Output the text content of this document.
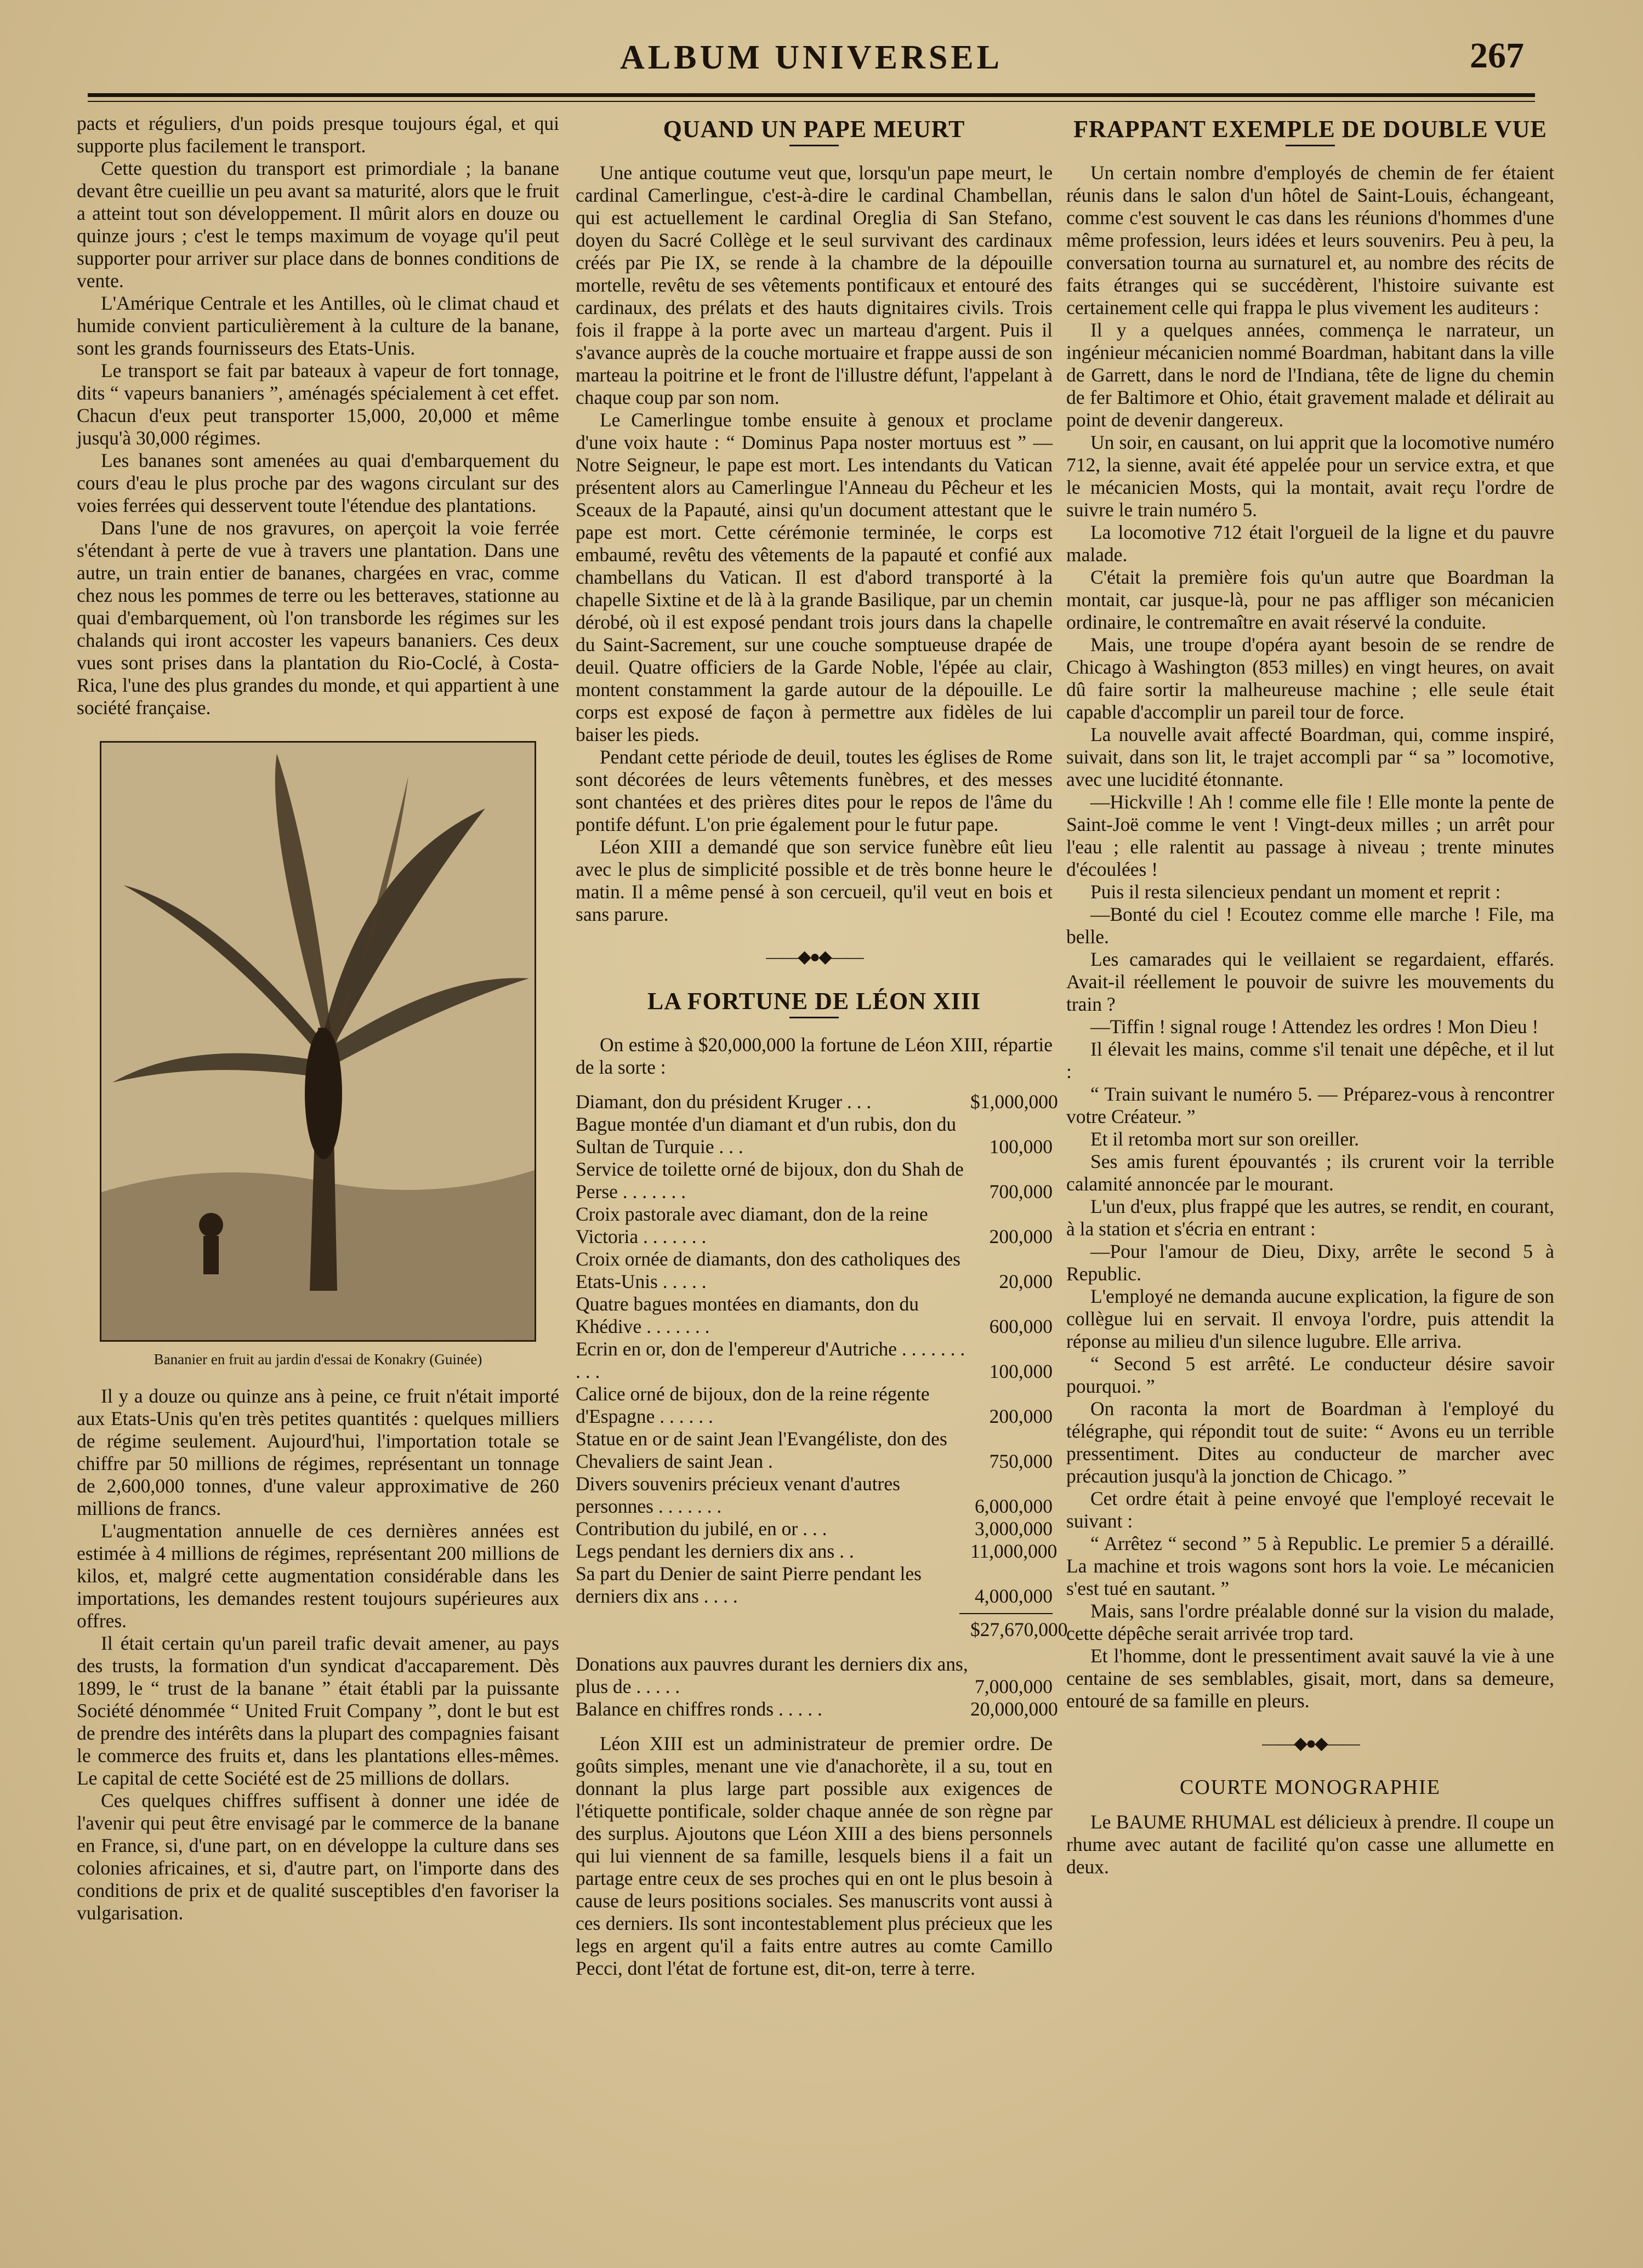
ALBUM UNIVERSEL	267

pacts et réguliers, d'un poids presque toujours égal, et qui supporte plus facilement le transport.

Cette question du transport est primordiale ; la banane devant être cueillie un peu avant sa maturité, alors que le fruit a atteint tout son développement. Il mûrit alors en douze ou quinze jours ; c'est le temps maximum de voyage qu'il peut supporter pour arriver sur place dans de bonnes conditions de vente.

L'Amérique Centrale et les Antilles, où le climat chaud et humide convient particulièrement à la culture de la banane, sont les grands fournisseurs des Etats-Unis.

Le transport se fait par bateaux à vapeur de fort tonnage, dits “ vapeurs bananiers ”, aménagés spécialement à cet effet. Chacun d'eux peut transporter 15,000, 20,000 et même jusqu'à 30,000 régimes.

Les bananes sont amenées au quai d'embarquement du cours d'eau le plus proche par des wagons circulant sur des voies ferrées qui desservent toute l'étendue des plantations.

Dans l'une de nos gravures, on aperçoit la voie ferrée s'étendant à perte de vue à travers une plantation. Dans une autre, un train entier de bananes, chargées en vrac, comme chez nous les pommes de terre ou les betteraves, stationne au quai d'embarquement, où l'on transborde les régimes sur les chalands qui iront accoster les vapeurs bananiers. Ces deux vues sont prises dans la plantation du Rio-Coclé, à Costa-Rica, l'une des plus grandes du monde, et qui appartient à une société française.

Bananier en fruit au jardin d'essai de Konakry (Guinée)

Il y a douze ou quinze ans à peine, ce fruit n'était importé aux Etats-Unis qu'en très petites quantités : quelques milliers de régime seulement. Aujourd'hui, l'importation totale se chiffre par 50 millions de régimes, représentant un tonnage de 2,600,000 tonnes, d'une valeur approximative de 260 millions de francs.

L'augmentation annuelle de ces dernières années est estimée à 4 millions de régimes, représentant 200 millions de kilos, et, malgré cette augmentation considérable dans les importations, les demandes restent toujours supérieures aux offres.

Il était certain qu'un pareil trafic devait amener, au pays des trusts, la formation d'un syndicat d'accaparement. Dès 1899, le “ trust de la banane ” était établi par la puissante Société dénommée “ United Fruit Company ”, dont le but est de prendre des intérêts dans la plupart des compagnies faisant le commerce des fruits et, dans les plantations elles-mêmes. Le capital de cette Société est de 25 millions de dollars.

Ces quelques chiffres suffisent à donner une idée de l'avenir qui peut être envisagé par le commerce de la banane en France, si, d'une part, on en développe la culture dans ses colonies africaines, et si, d'autre part, on l'importe dans des conditions de prix et de qualité susceptibles d'en favoriser la vulgarisation.

QUAND UN PAPE MEURT

Une antique coutume veut que, lorsqu'un pape meurt, le cardinal Camerlingue, c'est-à-dire le cardinal Chambellan, qui est actuellement le cardinal Oreglia di San Stefano, doyen du Sacré Collège et le seul survivant des cardinaux créés par Pie IX, se rende à la chambre de la dépouille mortelle, revêtu de ses vêtements pontificaux et entouré des cardinaux, des prélats et des hauts dignitaires civils. Trois fois il frappe à la porte avec un marteau d'argent. Puis il s'avance auprès de la couche mortuaire et frappe aussi de son marteau la poitrine et le front de l'illustre défunt, l'appelant à chaque coup par son nom.

Le Camerlingue tombe ensuite à genoux et proclame d'une voix haute : “ Dominus Papa noster mortuus est ” — Notre Seigneur, le pape est mort. Les intendants du Vatican présentent alors au Camerlingue l'Anneau du Pêcheur et les Sceaux de la Papauté, ainsi qu'un document attestant que le pape est mort. Cette cérémonie terminée, le corps est embaumé, revêtu des vêtements de la papauté et confié aux chambellans du Vatican. Il est d'abord transporté à la chapelle Sixtine et de là à la grande Basilique, par un chemin dérobé, où il est exposé pendant trois jours dans la chapelle du Saint-Sacrement, sur une couche somptueuse drapée de deuil. Quatre officiers de la Garde Noble, l'épée au clair, montent constamment la garde autour de la dépouille. Le corps est exposé de façon à permettre aux fidèles de lui baiser les pieds.

Pendant cette période de deuil, toutes les églises de Rome sont décorées de leurs vêtements funèbres, et des messes sont chantées et des prières dites pour le repos de l'âme du pontife défunt. L'on prie également pour le futur pape.

Léon XIII a demandé que son service funèbre eût lieu avec le plus de simplicité possible et de très bonne heure le matin. Il a même pensé à son cercueil, qu'il veut en bois et sans parure.

――◆●◆――
LA FORTUNE DE LÉON XIII

On estime à $20,000,000 la fortune de Léon XIII, répartie de la sorte :

Diamant, don du président Kruger . . .	$1,000,000
Bague montée d'un diamant et d'un rubis, don du Sultan de Turquie . . .	100,000
Service de toilette orné de bijoux, don du Shah de Perse . . . . . . .	700,000
Croix pastorale avec diamant, don de la reine Victoria . . . . . . .	200,000
Croix ornée de diamants, don des catholiques des Etats-Unis . . . . .	20,000
Quatre bagues montées en diamants, don du Khédive . . . . . . .	600,000
Ecrin en or, don de l'empereur d'Autriche . . . . . . . . . .	100,000
Calice orné de bijoux, don de la reine régente d'Espagne . . . . . .	200,000
Statue en or de saint Jean l'Evangéliste, don des Chevaliers de saint Jean .	750,000
Divers souvenirs précieux venant d'autres personnes . . . . . . .	6,000,000
Contribution du jubilé, en or . . .	3,000,000
Legs pendant les derniers dix ans . .	11,000,000
Sa part du Denier de saint Pierre pendant les derniers dix ans . . . .	4,000,000
$27,670,000
Donations aux pauvres durant les derniers dix ans, plus de . . . . .	7,000,000
Balance en chiffres ronds . . . . .	20,000,000

Léon XIII est un administrateur de premier ordre. De goûts simples, menant une vie d'anachorète, il a su, tout en donnant la plus large part possible aux exigences de l'étiquette pontificale, solder chaque année de son règne par des surplus. Ajoutons que Léon XIII a des biens personnels qui lui viennent de sa famille, lesquels biens il a fait un partage entre ceux de ses proches qui en ont le plus besoin à cause de leurs positions sociales. Ses manuscrits vont aussi à ces derniers. Ils sont incontestablement plus précieux que les legs en argent qu'il a faits entre autres au comte Camillo Pecci, dont l'état de fortune est, dit-on, terre à terre.

FRAPPANT EXEMPLE DE DOUBLE VUE

Un certain nombre d'employés de chemin de fer étaient réunis dans le salon d'un hôtel de Saint-Louis, échangeant, comme c'est souvent le cas dans les réunions d'hommes d'une même profession, leurs idées et leurs souvenirs. Peu à peu, la conversation tourna au surnaturel et, au nombre des récits de faits étranges qui se succédèrent, l'histoire suivante est certainement celle qui frappa le plus vivement les auditeurs :

Il y a quelques années, commença le narrateur, un ingénieur mécanicien nommé Boardman, habitant dans la ville de Garrett, dans le nord de l'Indiana, tête de ligne du chemin de fer Baltimore et Ohio, était gravement malade et délirait au point de devenir dangereux.

Un soir, en causant, on lui apprit que la locomotive numéro 712, la sienne, avait été appelée pour un service extra, et que le mécanicien Mosts, qui la montait, avait reçu l'ordre de suivre le train numéro 5.

La locomotive 712 était l'orgueil de la ligne et du pauvre malade.

C'était la première fois qu'un autre que Boardman la montait, car jusque-là, pour ne pas affliger son mécanicien ordinaire, le contremaître en avait réservé la conduite.

Mais, une troupe d'opéra ayant besoin de se rendre de Chicago à Washington (853 milles) en vingt heures, on avait dû faire sortir la malheureuse machine ; elle seule était capable d'accomplir un pareil tour de force.

La nouvelle avait affecté Boardman, qui, comme inspiré, suivait, dans son lit, le trajet accompli par “ sa ” locomotive, avec une lucidité étonnante.

—Hickville ! Ah ! comme elle file ! Elle monte la pente de Saint-Joë comme le vent ! Vingt-deux milles ; un arrêt pour l'eau ; elle ralentit au passage à niveau ; trente minutes d'écoulées !

Puis il resta silencieux pendant un moment et reprit :

—Bonté du ciel ! Ecoutez comme elle marche ! File, ma belle.

Les camarades qui le veillaient se regardaient, effarés. Avait-il réellement le pouvoir de suivre les mouvements du train ?

—Tiffin ! signal rouge ! Attendez les ordres ! Mon Dieu !

Il élevait les mains, comme s'il tenait une dépêche, et il lut :

“ Train suivant le numéro 5. — Préparez-vous à rencontrer votre Créateur. ”

Et il retomba mort sur son oreiller.

Ses amis furent épouvantés ; ils crurent voir la terrible calamité annoncée par le mourant.

L'un d'eux, plus frappé que les autres, se rendit, en courant, à la station et s'écria en entrant :

—Pour l'amour de Dieu, Dixy, arrête le second 5 à Republic.

L'employé ne demanda aucune explication, la figure de son collègue lui en servait. Il envoya l'ordre, puis attendit la réponse au milieu d'un silence lugubre. Elle arriva.

“ Second 5 est arrêté. Le conducteur désire savoir pourquoi. ”

On raconta la mort de Boardman à l'employé du télégraphe, qui répondit tout de suite: “ Avons eu un terrible pressentiment. Dites au conducteur de marcher avec précaution jusqu'à la jonction de Chicago. ”

Cet ordre était à peine envoyé que l'employé recevait le suivant :

“ Arrêtez “ second ” 5 à Republic. Le premier 5 a déraillé. La machine et trois wagons sont hors la voie. Le mécanicien s'est tué en sautant. ”

Mais, sans l'ordre préalable donné sur la vision du malade, cette dépêche serait arrivée trop tard.

Et l'homme, dont le pressentiment avait sauvé la vie à une centaine de ses semblables, gisait, mort, dans sa demeure, entouré de sa famille en pleurs.

――◆●◆――
COURTE MONOGRAPHIE

Le BAUME RHUMAL est délicieux à prendre. Il coupe un rhume avec autant de facilité qu'on casse une allumette en deux.
